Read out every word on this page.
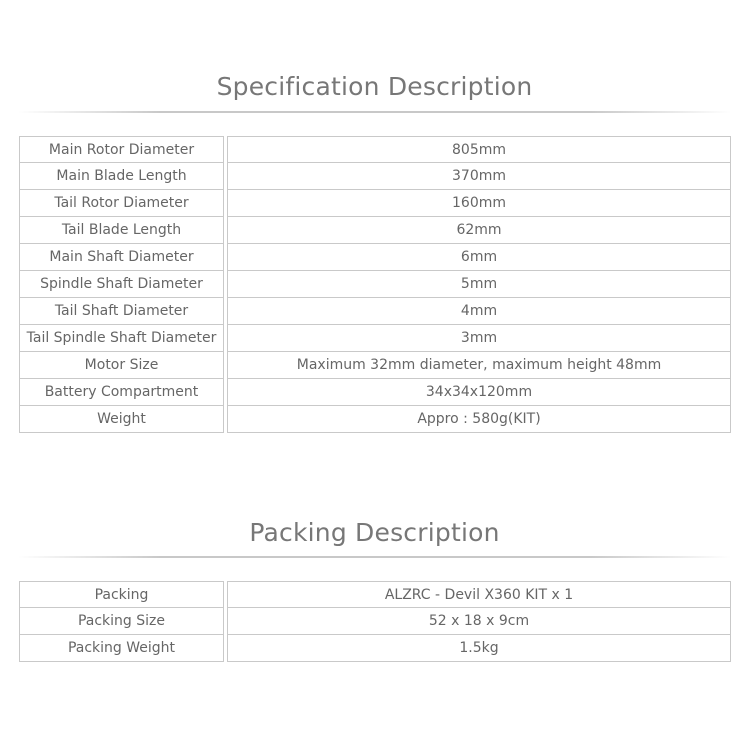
Specification Description
Main Rotor Diameter	805mm
Main Blade Length	370mm
Tail Rotor Diameter	160mm
Tail Blade Length	62mm
Main Shaft Diameter	6mm
Spindle Shaft Diameter	5mm
Tail Shaft Diameter	4mm
Tail Spindle Shaft Diameter	3mm
Motor Size	Maximum 32mm diameter, maximum height 48mm
Battery Compartment	34x34x120mm
Weight	Appro : 580g(KIT)
Packing Description
Packing	ALZRC - Devil X360 KIT x 1
Packing Size	52 x 18 x 9cm
Packing Weight	1.5kg
